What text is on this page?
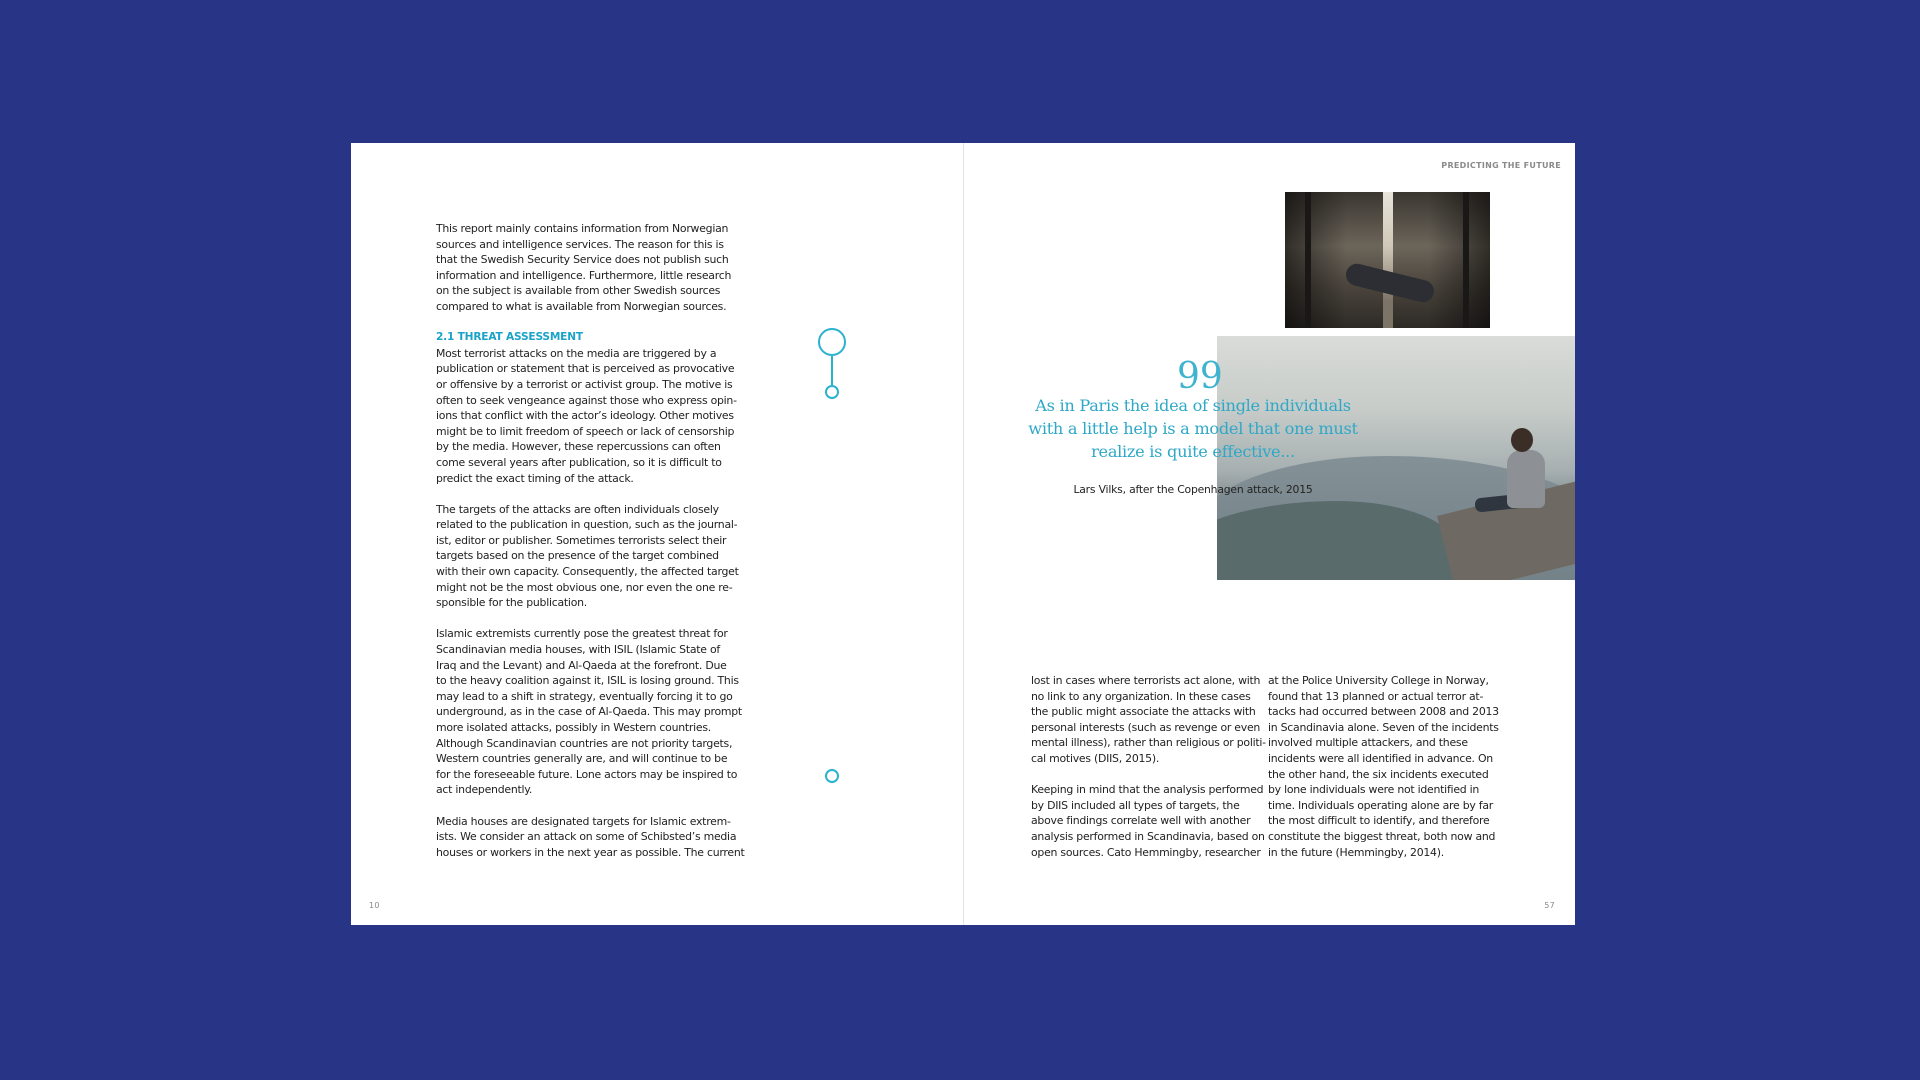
This report mainly contains information from Norwegian
sources and intelligence services. The reason for this is
that the Swedish Security Service does not publish such
information and intelligence. Furthermore, little research
on the subject is available from other Swedish sources
compared to what is available from Norwegian sources.

2.1 THREAT ASSESSMENT

Most terrorist attacks on the media are triggered by a
publication or statement that is perceived as provocative
or offensive by a terrorist or activist group. The motive is
often to seek vengeance against those who express opin-
ions that conflict with the actor’s ideology. Other motives
might be to limit freedom of speech or lack of censorship
by the media. However, these repercussions can often
come several years after publication, so it is difficult to
predict the exact timing of the attack.

The targets of the attacks are often individuals closely
related to the publication in question, such as the journal-
ist, editor or publisher. Sometimes terrorists select their
targets based on the presence of the target combined
with their own capacity. Consequently, the affected target
might not be the most obvious one, nor even the one re-
sponsible for the publication.

Islamic extremists currently pose the greatest threat for
Scandinavian media houses, with ISIL (Islamic State of
Iraq and the Levant) and Al-Qaeda at the forefront. Due
to the heavy coalition against it, ISIL is losing ground. This
may lead to a shift in strategy, eventually forcing it to go
underground, as in the case of Al-Qaeda. This may prompt
more isolated attacks, possibly in Western countries.
Although Scandinavian countries are not priority targets,
Western countries generally are, and will continue to be
for the foreseeable future. Lone actors may be inspired to
act independently.

Media houses are designated targets for Islamic extrem-
ists. We consider an attack on some of Schibsted’s media
houses or workers in the next year as possible. The current

10
PREDICTING THE FUTURE
99
As in Paris the idea of single individuals
with a little help is a model that one must
realize is quite effective...
Lars Vilks, after the Copenhagen attack, 2015

lost in cases where terrorists act alone, with
no link to any organization. In these cases
the public might associate the attacks with
personal interests (such as revenge or even
mental illness), rather than religious or politi-
cal motives (DIIS, 2015).

Keeping in mind that the analysis performed
by DIIS included all types of targets, the
above findings correlate well with another
analysis performed in Scandinavia, based on
open sources. Cato Hemmingby, researcher

at the Police University College in Norway,
found that 13 planned or actual terror at-
tacks had occurred between 2008 and 2013
in Scandinavia alone. Seven of the incidents
involved multiple attackers, and these
incidents were all identified in advance. On
the other hand, the six incidents executed
by lone individuals were not identified in
time. Individuals operating alone are by far
the most difficult to identify, and therefore
constitute the biggest threat, both now and
in the future (Hemmingby, 2014).

57
